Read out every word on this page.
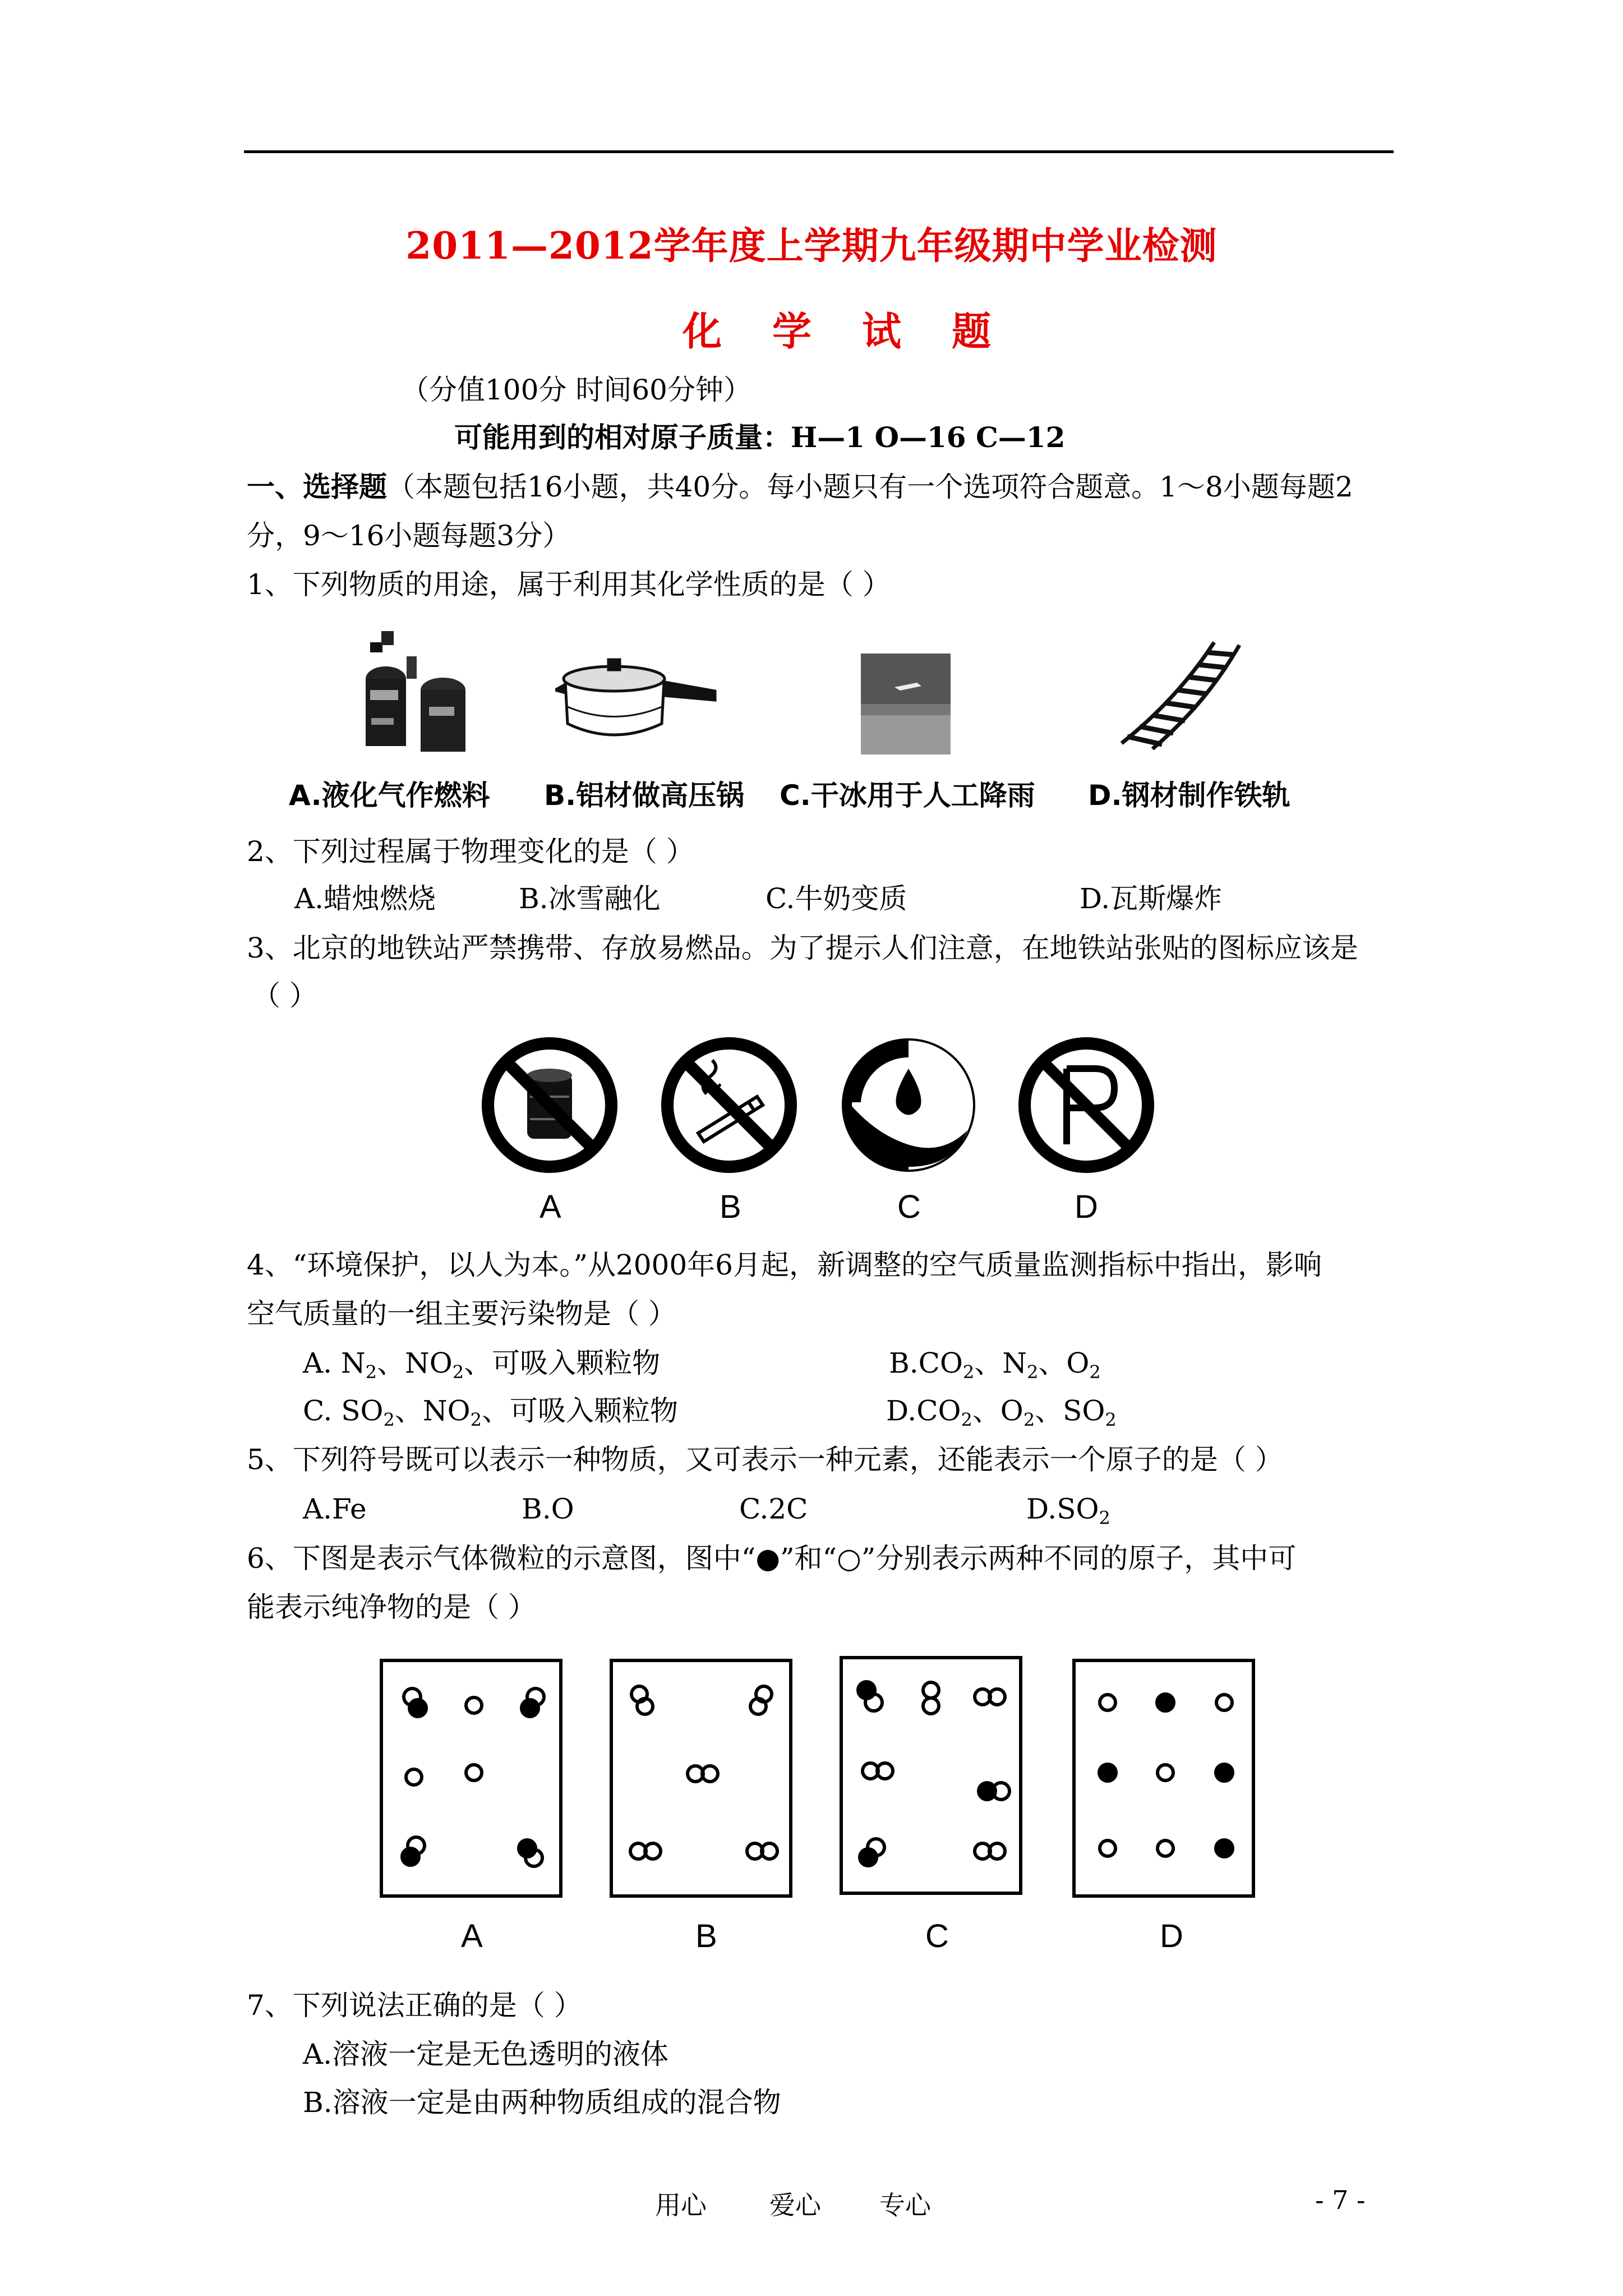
2011—2012学年度上学期九年级期中学业检测
化学试题
（分值100分 时间60分钟）
可能用到的相对原子质量：H—1 O—16 C—12
一、选择题（本题包括16小题，共40分。每小题只有一个选项符合题意。1～8小题每题2
分，9～16小题每题3分）
1、下列物质的用途，属于利用其化学性质的是（ ）
A.液化气作燃料 B.铝材做高压锅 C.干冰用于人工降雨 D.钢材制作铁轨
2、下列过程属于物理变化的是（ ）
A.蜡烛燃烧	B.冰雪融化	C.牛奶变质	D.瓦斯爆炸
3、北京的地铁站严禁携带、存放易燃品。为了提示人们注意，在地铁站张贴的图标应该是
（ ）
A	B	C	D
4、“环境保护，以人为本。”从2000年6月起，新调整的空气质量监测指标中指出，影响
空气质量的一组主要污染物是（ ）
A. $N_2$、$NO_2$、可吸入颗粒物	$B.CO_2$、$N_2$、$O_2$
C. $SO_2$、$NO_2$、可吸入颗粒物	$D.CO_2$、$O_2$、$SO_2$
5、下列符号既可以表示一种物质，又可表示一种元素，还能表示一个原子的是（ ）
A.Fe	B.O	C.2C	$D.SO_2$
6、下图是表示气体微粒的示意图，图中“●”和“○”分别表示两种不同的原子，其中可
能表示纯净物的是（ ）
A	B	C	D
7、下列说法正确的是（ ）
A.溶液一定是无色透明的液体
B.溶液一定是由两种物质组成的混合物
用心 爱心 专心	- 7 -
